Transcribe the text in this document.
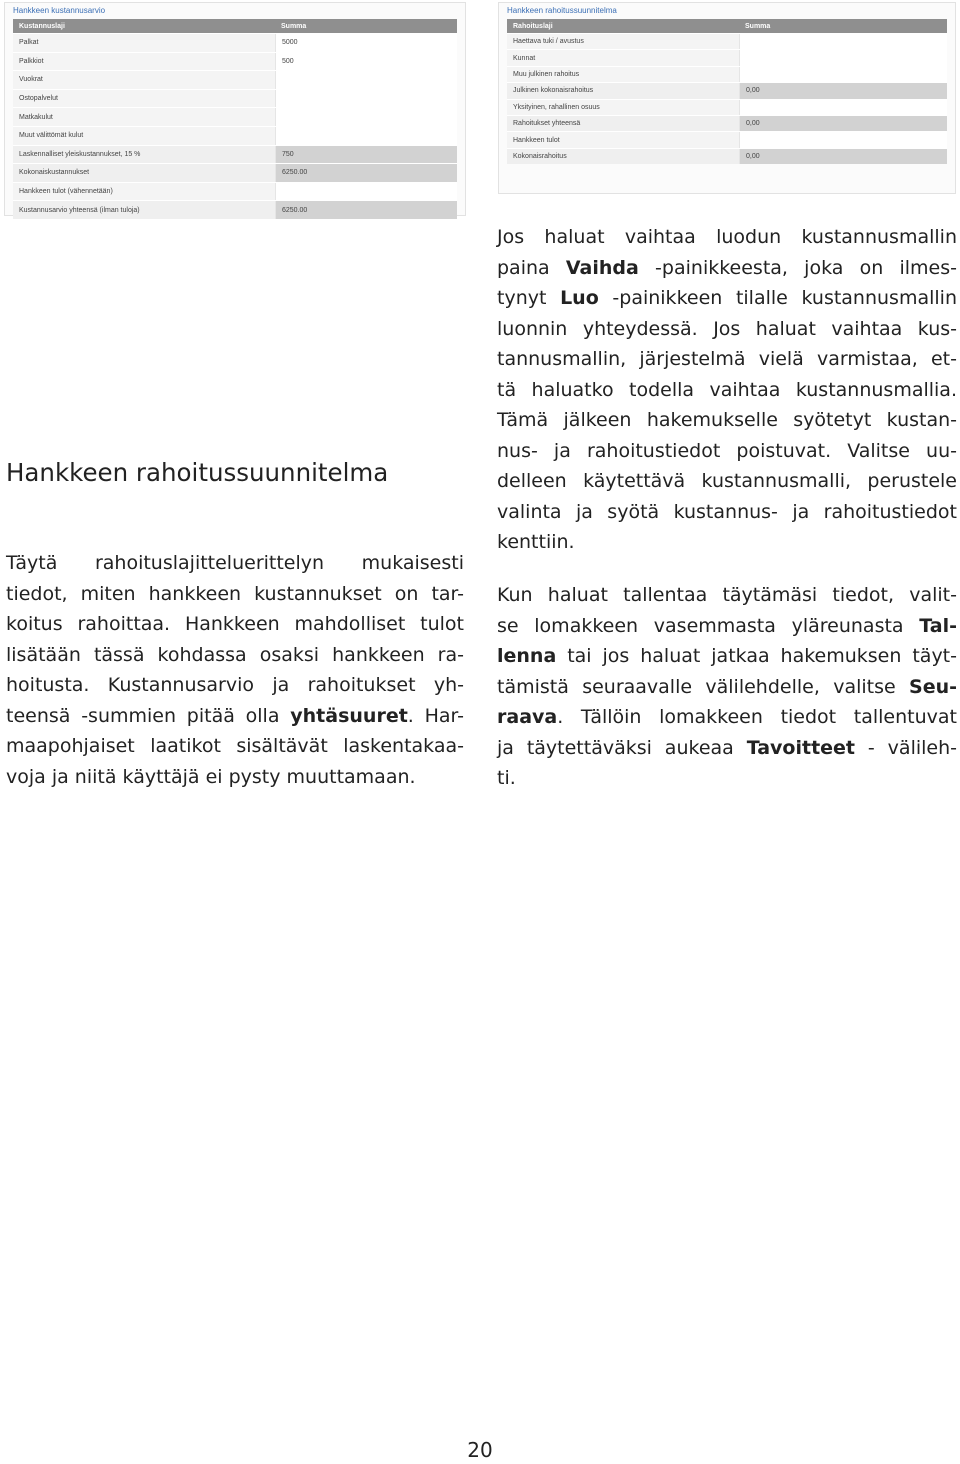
Hankkeen kustannusarvio
Kustannuslaji	Summa
Palkat	5000
Palkkiot	500
Vuokrat
Ostopalvelut
Matkakulut
Muut välittömät kulut
Laskennalliset yleiskustannukset, 15 %	750
Kokonaiskustannukset	6250.00
Hankkeen tulot (vähennetään)
Kustannusarvio yhteensä (ilman tuloja)	6250.00
Hankkeen rahoitussuunnitelma
Rahoituslaji	Summa
Haettava tuki / avustus
Kunnat
Muu julkinen rahoitus
Julkinen kokonaisrahoitus	0,00
Yksityinen, rahallinen osuus
Rahoitukset yhteensä	0,00
Hankkeen tulot
Kokonaisrahoitus	0,00
Hankkeen rahoitussuunnitelma

Täytä rahoituslajitteluerittelyn mukaisesti
tiedot, miten hankkeen kustannukset on tar-
koitus rahoittaa. Hankkeen mahdolliset tulot
lisätään tässä kohdassa osaksi hankkeen ra-
hoitusta. Kustannusarvio ja rahoitukset yh-
teensä -summien pitää olla yhtäsuuret. Har-
maapohjaiset laatikot sisältävät laskentakaa-
voja ja niitä käyttäjä ei pysty muuttamaan.

Jos haluat vaihtaa luodun kustannusmallin
paina Vaihda -painikkeesta, joka on ilmes-
tynyt Luo -painikkeen tilalle kustannusmallin
luonnin yhteydessä. Jos haluat vaihtaa kus-
tannusmallin, järjestelmä vielä varmistaa, et-
tä haluatko todella vaihtaa kustannusmallia.
Tämä jälkeen hakemukselle syötetyt kustan-
nus- ja rahoitustiedot poistuvat. Valitse uu-
delleen käytettävä kustannusmalli, perustele
valinta ja syötä kustannus- ja rahoitustiedot
kenttiin.

Kun haluat tallentaa täytämäsi tiedot, valit-
se lomakkeen vasemmasta yläreunasta Tal-
lenna tai jos haluat jatkaa hakemuksen täyt-
tämistä seuraavalle välilehdelle, valitse Seu-
raava. Tällöin lomakkeen tiedot tallentuvat
ja täytettäväksi aukeaa Tavoitteet - välileh-
ti.

20
